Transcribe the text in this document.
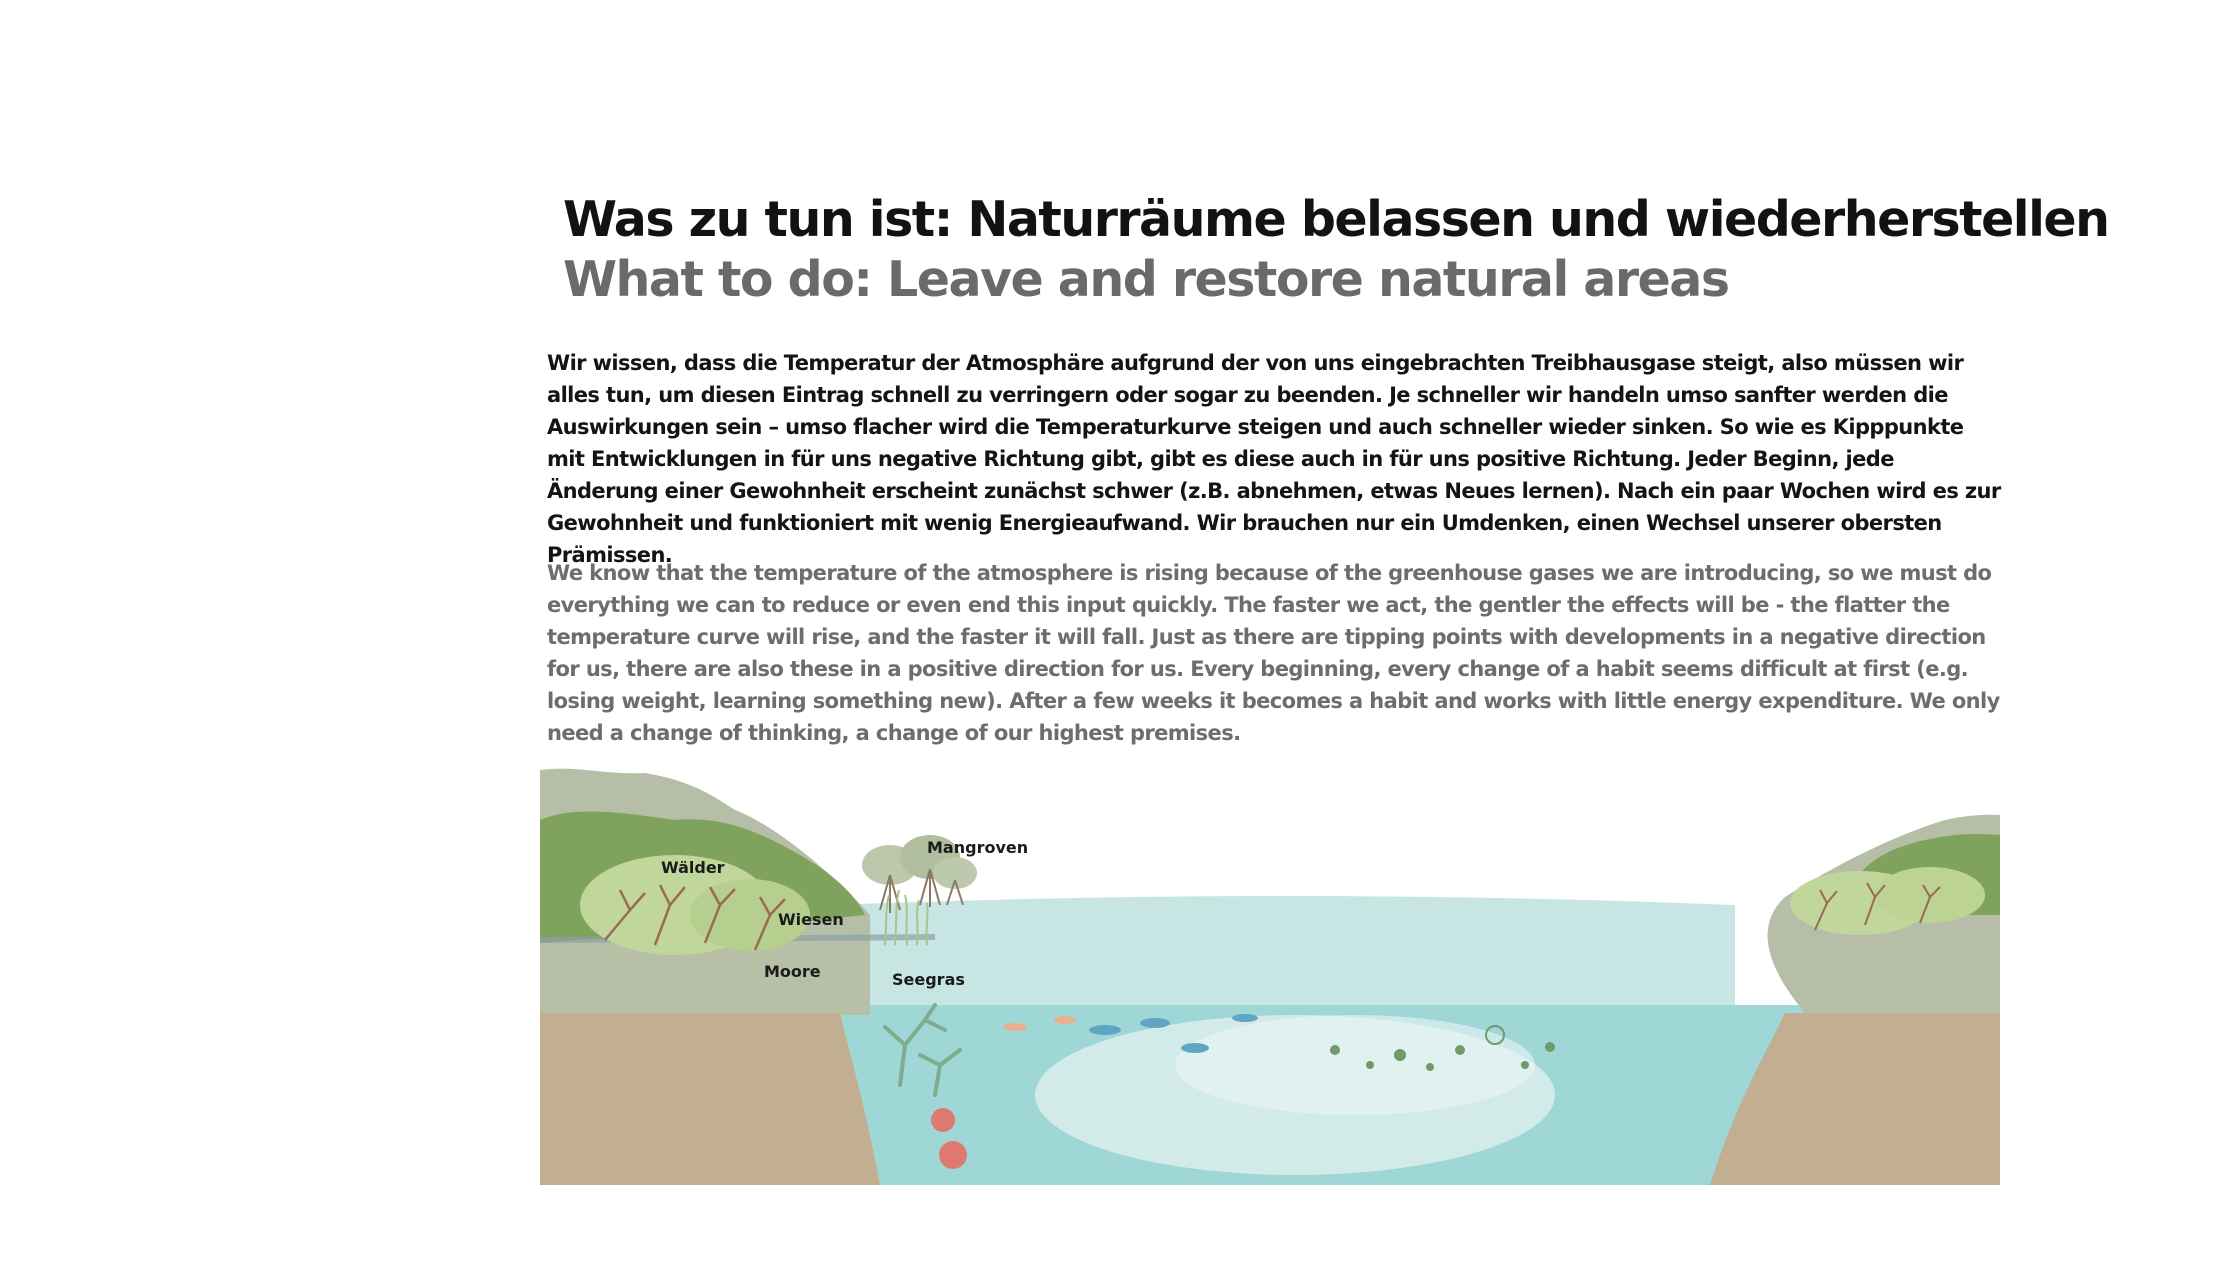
Was zu tun ist: Naturräume belassen und wiederherstellen
What to do: Leave and restore natural areas
Wir wissen, dass die Temperatur der Atmosphäre aufgrund der von uns eingebrachten Treibhausgase steigt, also müssen wir alles tun, um diesen Eintrag schnell zu verringern oder sogar zu beenden. Je schneller wir handeln umso sanfter werden die Auswirkungen sein – umso flacher wird die Temperaturkurve steigen und auch schneller wieder sinken. So wie es Kipppunkte mit Entwicklungen in für uns negative Richtung gibt, gibt es diese auch in für uns positive Richtung. Jeder Beginn, jede Änderung einer Gewohnheit erscheint zunächst schwer (z.B. abnehmen, etwas Neues lernen). Nach ein paar Wochen wird es zur Gewohnheit und funktioniert mit wenig Energieaufwand. Wir brauchen nur ein Umdenken, einen Wechsel unserer obersten Prämissen.
We know that the temperature of the atmosphere is rising because of the greenhouse gases we are introducing, so we must do everything we can to reduce or even end this input quickly. The faster we act, the gentler the effects will be - the flatter the temperature curve will rise, and the faster it will fall. Just as there are tipping points with developments in a negative direction for us, there are also these in a positive direction for us. Every beginning, every change of a habit seems difficult at first (e.g. losing weight, learning something new). After a few weeks it becomes a habit and works with little energy expenditure. We only need a change of thinking, a change of our highest premises.
Wälder
Wiesen
Moore
Mangroven
Seegras
